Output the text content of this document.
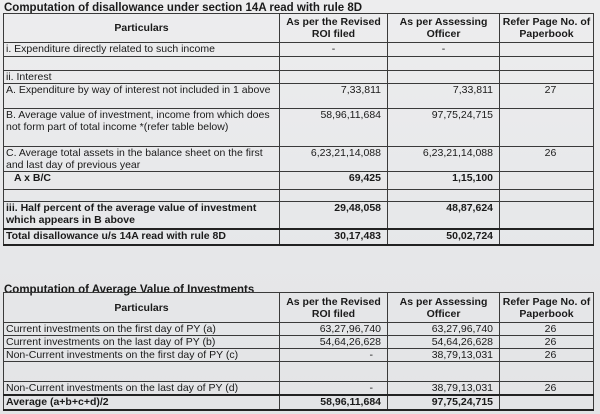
Computation of disallowance under section 14A read with rule 8D
Particulars	As per the Revised ROI filed	As per Assessing Officer	Refer Page No. of Paperbook
i. Expenditure directly related to such income	-	-	

ii. Interest			
A. Expenditure by way of interest not included in 1 above	7,33,811	7,33,811	27
B. Average value of investment, income from which does not form part of total income *(refer table below)	58,96,11,684	97,75,24,715	
C. Average total assets in the balance sheet on the first and last day of previous year	6,23,21,14,088	6,23,21,14,088	26
A x B/C	69,425	1,15,100	

iii. Half percent of the average value of investment which appears in B above	29,48,058	48,87,624	
Total disallowance u/s 14A read with rule 8D	30,17,483	50,02,724	
Computation of Average Value of Investments
Particulars	As per the Revised ROI filed	As per Assessing Officer	Refer Page No. of Paperbook
Current investments on the first day of PY (a)	63,27,96,740	63,27,96,740	26
Current investments on the last day of PY (b)	54,64,26,628	54,64,26,628	26
Non-Current investments on the first day of PY (c)	-	38,79,13,031	26

Non-Current investments on the last day of PY (d)	-	38,79,13,031	26
Average (a+b+c+d)/2	58,96,11,684	97,75,24,715	
